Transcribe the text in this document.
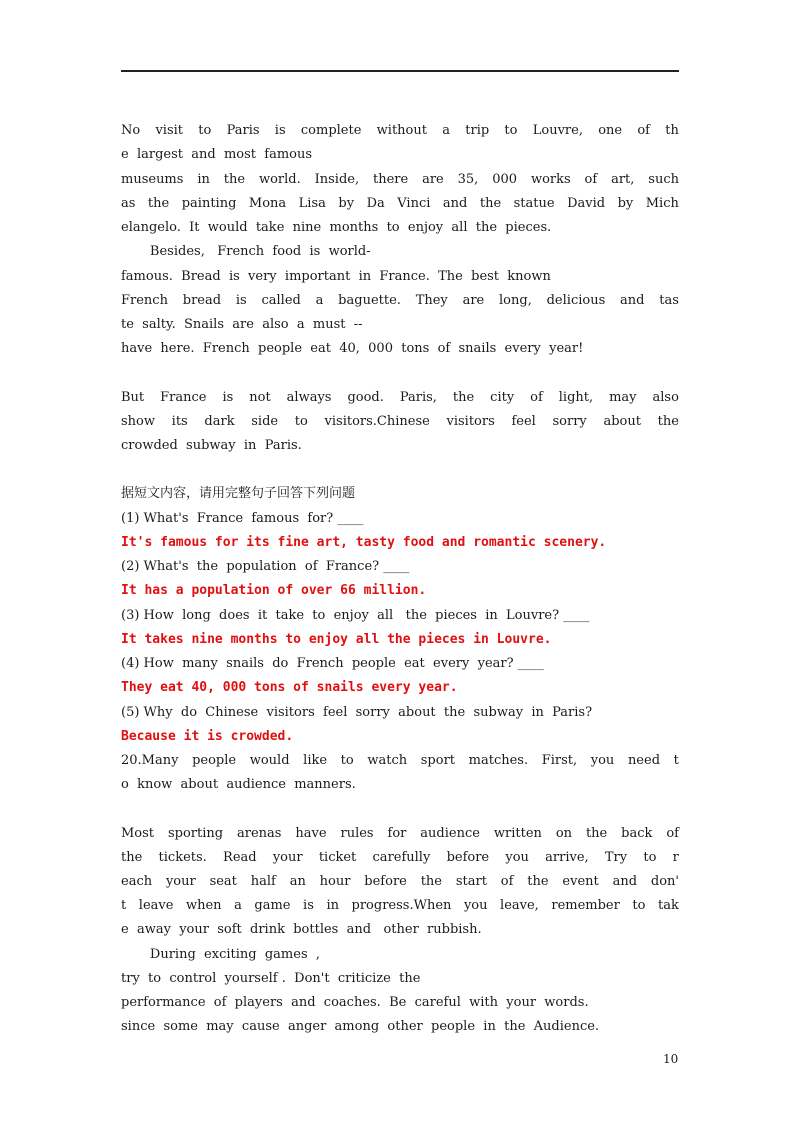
No visit to Paris is complete without a trip to Louvre, one of th
e  largest  and  most  famous
museums in the world. Inside, there are 35, 000 works of art, such
as the painting Mona Lisa by Da Vinci and the statue David by Mich
elangelo.  It  would  take  nine  months  to  enjoy  all  the  pieces.
Besides,   French  food  is  world-
famous.  Bread  is  very  important  in  France.  The  best  known
French bread is called a baguette. They are long, delicious and tas
te  salty.  Snails  are  also  a  must  --
have  here.  French  people  eat  40,  000  tons  of  snails  every  year!
But France is not always good. Paris, the city of light, may also
show its dark side to visitors.Chinese visitors feel sorry about the
crowded  subway  in  Paris.
据短文内容，请用完整句子回答下列问题
(1) What's  France  famous  for? ____
It's famous for its fine art, tasty food and romantic scenery.
(2) What's  the  population  of  France? ____
It has a population of over 66 million.
(3) How  long  does  it  take  to  enjoy  all   the  pieces  in  Louvre? ____
It takes nine months to enjoy all the pieces in Louvre.
(4) How  many  snails  do  French  people  eat  every  year? ____
They eat 40, 000 tons of snails every year.
(5) Why  do  Chinese  visitors  feel  sorry  about  the  subway  in  Paris?
Because it is crowded.
20.Many people would like to watch sport matches. First, you need t
o  know  about  audience  manners.
Most sporting arenas have rules for audience written on the back of
the tickets. Read your ticket carefully before you arrive, Try to r
each your seat half an hour before the start of the event and don'
t leave when a game is in progress.When you leave, remember to tak
e  away  your  soft  drink  bottles  and   other  rubbish.
During  exciting  games  ,
try  to  control  yourself .  Don't  criticize  the
performance  of  players  and  coaches.  Be  careful  with  your  words.
since  some  may  cause  anger  among  other  people  in  the  Audience.
10
